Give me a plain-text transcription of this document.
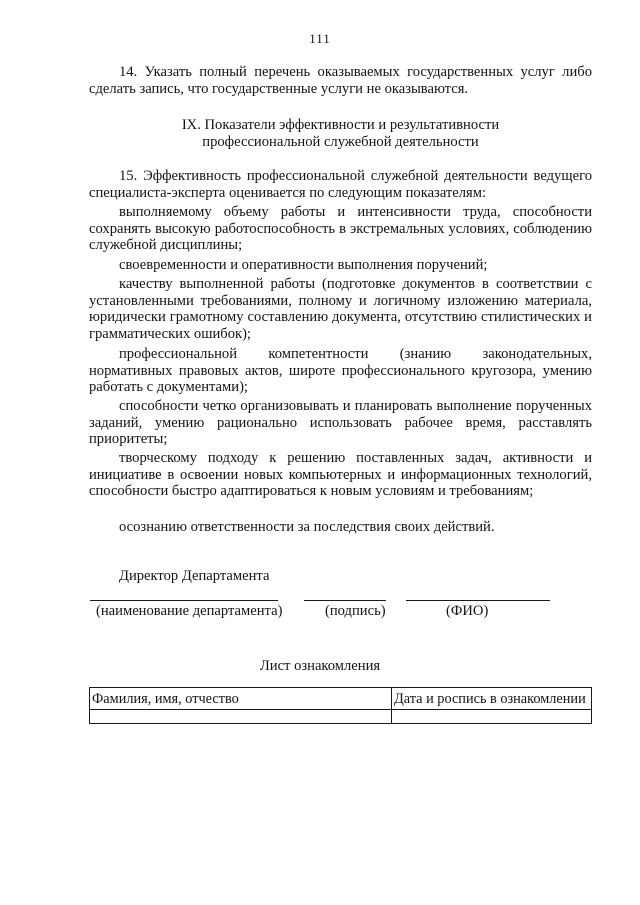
111

14. Указать полный перечень оказываемых государственных услуг либо сделать запись, что государственные услуги не оказываются.

IX. Показатели эффективности и результативности
профессиональной служебной деятельности

15. Эффективность профессиональной служебной деятельности ведущего специалиста-эксперта оценивается по следующим показателям:

выполняемому объему работы и интенсивности труда, способности сохранять высокую работоспособность в экстремальных условиях, соблюдению служебной дисциплины;

своевременности и оперативности выполнения поручений;

качеству выполненной работы (подготовке документов в соответствии с установленными требованиями, полному и логичному изложению материала, юридически грамотному составлению документа, отсутствию стилистических и грамматических ошибок);

профессиональной компетентности (знанию законодательных, нормативных правовых актов, широте профессионального кругозора, умению работать с документами);

способности четко организовывать и планировать выполнение порученных заданий, умению рационально использовать рабочее время, расставлять приоритеты;

творческому подходу к решению поставленных задач, активности и инициативе в освоении новых компьютерных и информационных технологий, способности быстро адаптироваться к новым условиям и требованиям;

осознанию ответственности за последствия своих действий.

Директор Департамента
(наименование департамента)	(подпись)	(ФИО)
Лист ознакомления
Фамилия, имя, отчество	Дата и роспись в ознакомлении
